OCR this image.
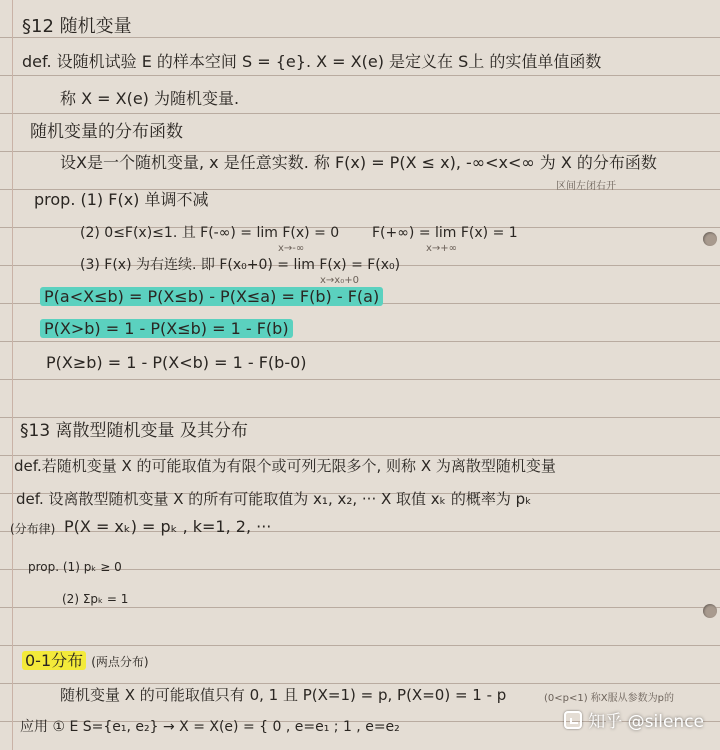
§12 随机变量
def. 设随机试验 E 的样本空间 S = {e}. X = X(e) 是定义在 S上 的实值单值函数
称 X = X(e) 为随机变量.
随机变量的分布函数
设X是一个随机变量, x 是任意实数. 称 F(x) = P(X ≤ x), -∞<x<∞ 为 X 的分布函数
区间左闭右开
prop. (1) F(x) 单调不减
(2) 0≤F(x)≤1. 且 F(-∞) = lim F(x) = 0
x→-∞
F(+∞) = lim F(x) = 1
x→+∞
(3) F(x) 为右连续. 即 F(x₀+0) = lim F(x) = F(x₀)
x→x₀+0
P(a<X≤b) = P(X≤b) - P(X≤a) = F(b) - F(a)
P(X>b) = 1 - P(X≤b) = 1 - F(b)
P(X≥b) = 1 - P(X<b) = 1 - F(b-0)
§13 离散型随机变量 及其分布
def.若随机变量 X 的可能取值为有限个或可列无限多个, 则称 X 为离散型随机变量
def. 设离散型随机变量 X 的所有可能取值为 x₁, x₂, ··· X 取值 xₖ 的概率为 pₖ
(分布律) P(X = xₖ) = pₖ , k=1, 2, ···
prop. (1) pₖ ≥ 0
(2) Σpₖ = 1
0-1分布 (两点分布)
随机变量 X 的可能取值只有 0, 1 且 P(X=1) = p, P(X=0) = 1 - p	(0<p<1) 称X服从参数为p的
应用 ① E S={e₁, e₂} → X = X(e) = { 0 , e=e₁ ; 1 , e=e₂	知乎 @silence
